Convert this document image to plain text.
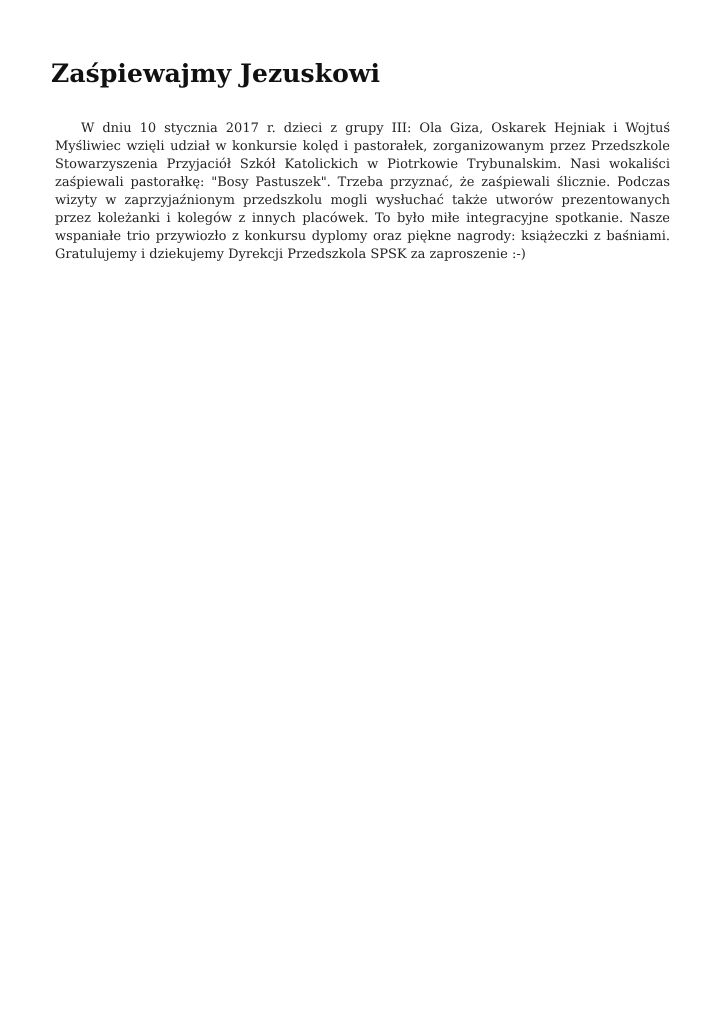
Zaśpiewajmy Jezuskowi

W dniu 10 stycznia 2017 r. dzieci z grupy III: Ola Giza, Oskarek Hejniak i Wojtuś Myśliwiec wzięli udział w konkursie kolęd i pastorałek, zorganizowanym przez Przedszkole Stowarzyszenia Przyjaciół Szkół Katolickich w Piotrkowie Trybunalskim. Nasi wokaliści zaśpiewali pastorałkę: "Bosy Pastuszek". Trzeba przyznać, że zaśpiewali ślicznie. Podczas wizyty w zaprzyjaźnionym przedszkolu mogli wysłuchać także utworów prezentowanych przez koleżanki i kolegów z innych placówek. To było miłe integracyjne spotkanie. Nasze wspaniałe trio przywiozło z konkursu dyplomy oraz piękne nagrody: książeczki z baśniami. Gratulujemy i dziekujemy Dyrekcji Przedszkola SPSK za zaproszenie :-)
